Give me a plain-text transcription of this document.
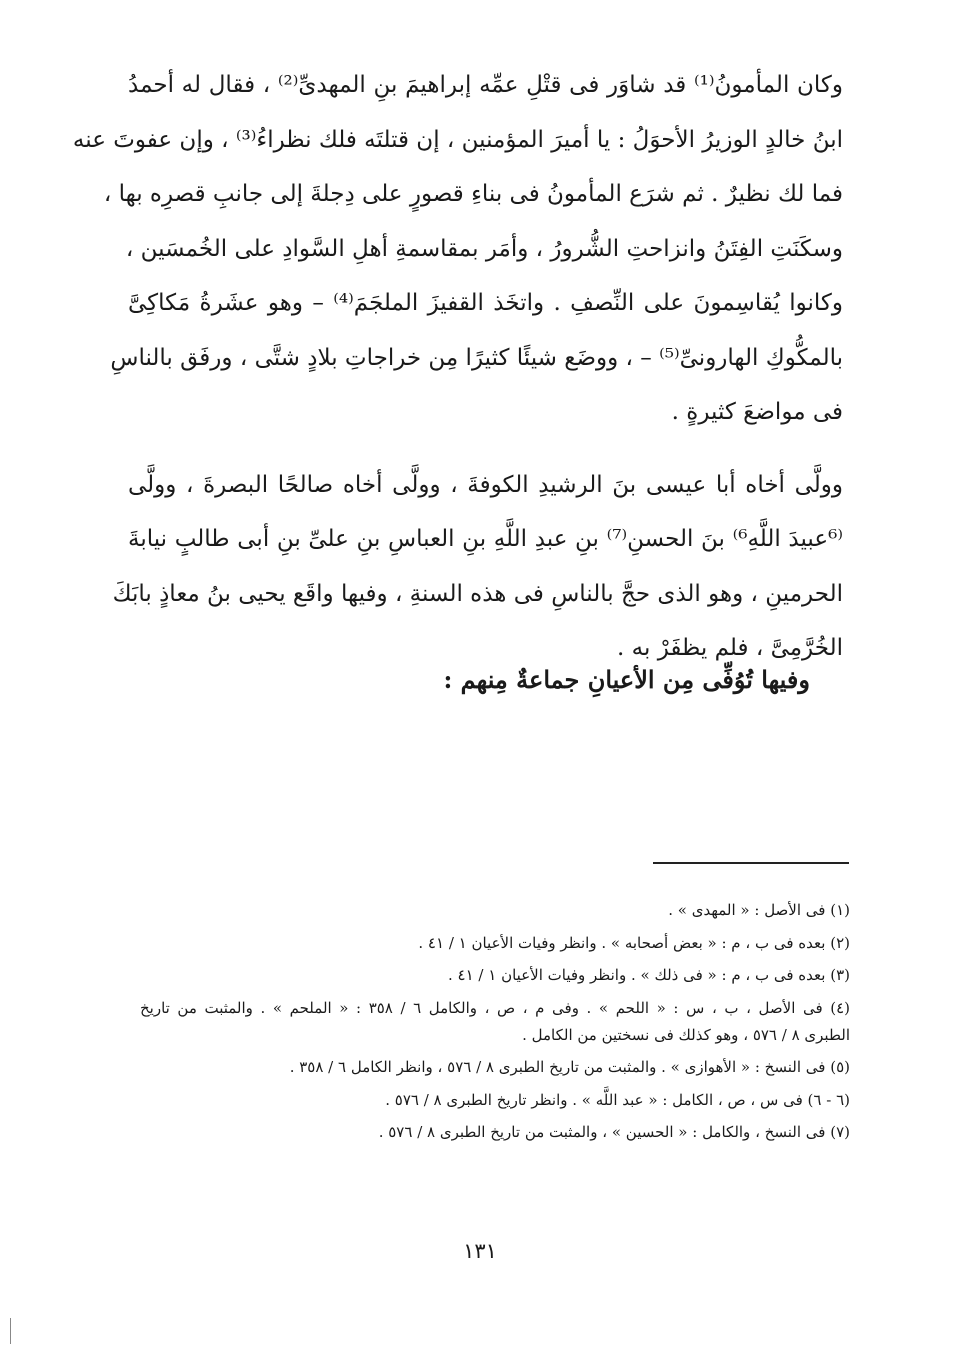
وكان المأمونُ⁽¹⁾ قد شاوَر فى قتْلِ عمِّه إبراهيمَ بنِ المهدىِّ⁽²⁾ ، فقال له أحمدُ
ابنُ خالدٍ الوزيرُ الأحوَلُ : يا أميرَ المؤمنين ، إن قتلتَه فلك نظراءُ⁽³⁾ ، وإن عفوتَ عنه
فما لك نظيرٌ . ثم شرَع المأمونُ فى بناءِ قصورٍ على دِجلةَ إلى جانبِ قصرِه بها ،
وسكَنَتِ الفِتَنُ وانزاحتِ الشُّرورُ ، وأمَر بمقاسمةِ أهلِ السَّوادِ على الخُمسَين ،
وكانوا يُقاسِمونَ على النِّصفِ . واتخَذ القفيزَ الملجَمَ⁽⁴⁾ – وهو عشَرةُ مَكاكِىَّ
بالمكُّوكِ الهارونىِّ⁽⁵⁾ – ، ووضَع شيئًا كثيرًا مِن خراجاتِ بلادٍ شتَّى ، ورفَق بالناسِ
فى مواضعَ كثيرةٍ .
وولَّى أخاه أبا عيسى بنَ الرشيدِ الكوفةَ ، وولَّى أخاه صالحًا البصرةَ ، وولَّى
⁽⁶عبيدَ اللَّهِ⁶⁾ بنَ الحسنِ⁽⁷⁾ بنِ عبدِ اللَّهِ بنِ العباسِ بنِ علىِّ بنِ أبى طالبٍ نيابةَ
الحرمينِ ، وهو الذى حجَّ بالناسِ فى هذه السنةِ ، وفيها واقَع يحيى بنُ معاذٍ بابَكَ
الخُرَّمِىَّ ، فلم يظفَرْ به .
وفيها تُوُفِّى مِن الأعيانِ جماعةٌ مِنهم :
(١) فى الأصل : « المهدى » .
(٢) بعده فى ب ، م : « بعض أصحابه » . وانظر وفيات الأعيان ١ / ٤١ .
(٣) بعده فى ب ، م : « فى ذلك » . وانظر وفيات الأعيان ١ / ٤١ .
(٤) فى الأصل ، ب ، س : « اللحم » . وفى م ، ص ، والكامل ٦ / ٣٥٨ : « الملحم » . والمثبت من تاريخ
الطبرى ٨ / ٥٧٦ ، وهو كذلك فى نسختين من الكامل .
(٥) فى النسخ : « الأهوازى » . والمثبت من تاريخ الطبرى ٨ / ٥٧٦ ، وانظر الكامل ٦ / ٣٥٨ .
(٦ - ٦) فى س ، ص ، الكامل : « عبد اللَّه » . وانظر تاريخ الطبرى ٨ / ٥٧٦ .
(٧) فى النسخ ، والكامل : « الحسين » ، والمثبت من تاريخ الطبرى ٨ / ٥٧٦ .
١٣١
